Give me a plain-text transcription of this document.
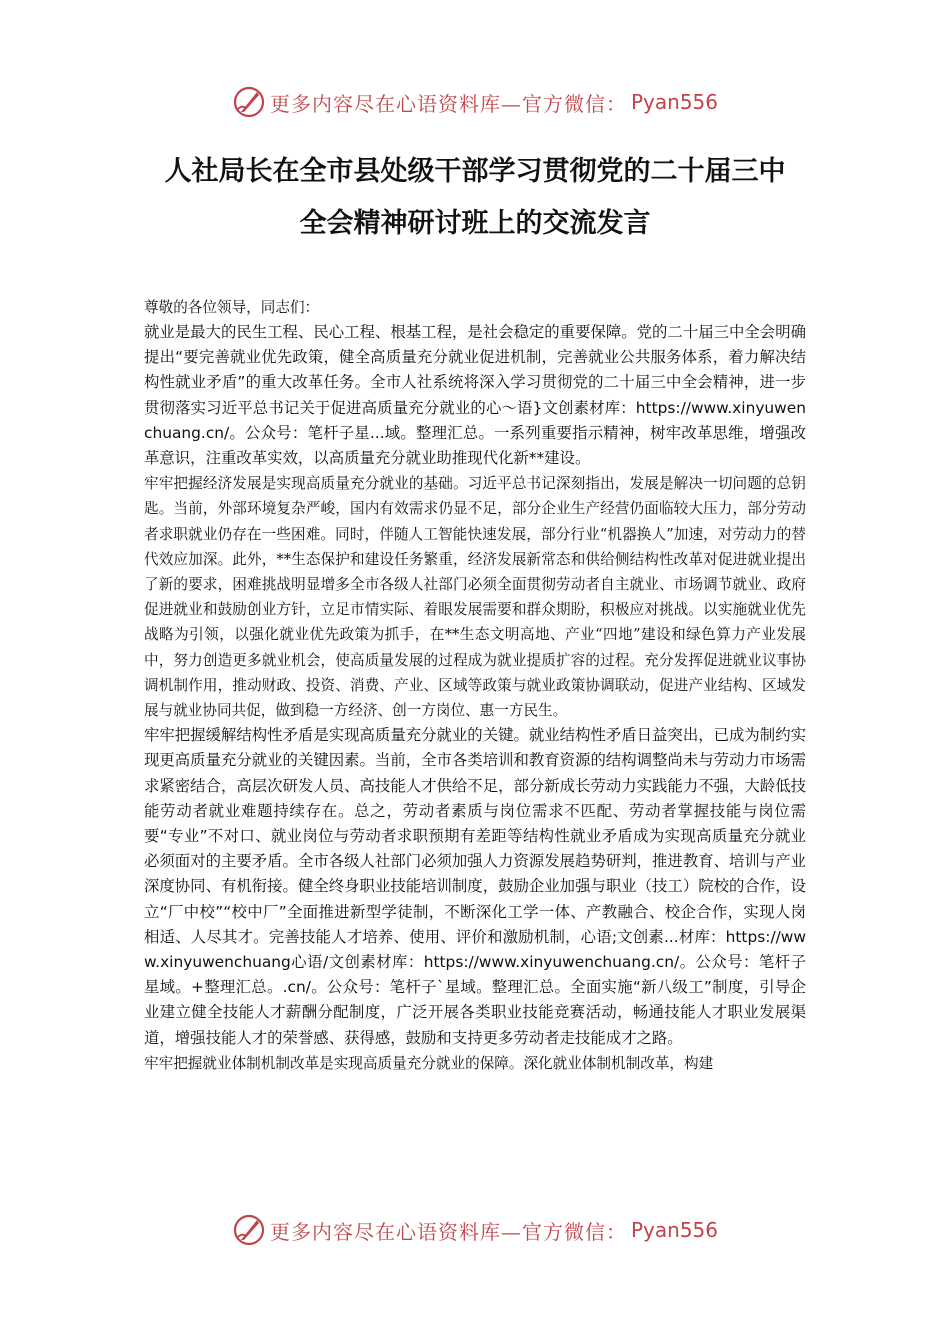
更多内容尽在心语资料库—官方微信： Pyan556
人社局长在全市县处级干部学习贯彻党的二十届三中
全会精神研讨班上的交流发言

尊敬的各位领导，同志们：

就业是最大的民生工程、民心工程、根基工程，是社会稳定的重要保障。党的二十届三中全会明确提出“要完善就业优先政策，健全高质量充分就业促进机制，完善就业公共服务体系，着力解决结构性就业矛盾”的重大改革任务。全市人社系统将深入学习贯彻党的二十届三中全会精神，进一步贯彻落实习近平总书记关于促进高质量充分就业的心～语}文创素材库：https://www.xinyuwenchuang.cn/。公众号：笔杆子星...域。整理汇总。一系列重要指示精神，树牢改革思维，增强改革意识，注重改革实效，以高质量充分就业助推现代化新**建设。

牢牢把握经济发展是实现高质量充分就业的基础。习近平总书记深刻指出，发展是解决一切问题的总钥匙。当前，外部环境复杂严峻，国内有效需求仍显不足，部分企业生产经营仍面临较大压力，部分劳动者求职就业仍存在一些困难。同时，伴随人工智能快速发展，部分行业“机器换人”加速，对劳动力的替代效应加深。此外，**生态保护和建设任务繁重，经济发展新常态和供给侧结构性改革对促进就业提出了新的要求，困难挑战明显增多全市各级人社部门必须全面贯彻劳动者自主就业、市场调节就业、政府促进就业和鼓励创业方针，立足市情实际、着眼发展需要和群众期盼，积极应对挑战。以实施就业优先战略为引领，以强化就业优先政策为抓手，在**生态文明高地、产业“四地”建设和绿色算力产业发展中，努力创造更多就业机会，使高质量发展的过程成为就业提质扩容的过程。充分发挥促进就业议事协调机制作用，推动财政、投资、消费、产业、区域等政策与就业政策协调联动，促进产业结构、区域发展与就业协同共促，做到稳一方经济、创一方岗位、惠一方民生。

牢牢把握缓解结构性矛盾是实现高质量充分就业的关键。就业结构性矛盾日益突出，已成为制约实现更高质量充分就业的关键因素。当前，全市各类培训和教育资源的结构调整尚未与劳动力市场需求紧密结合，高层次研发人员、高技能人才供给不足，部分新成长劳动力实践能力不强，大龄低技能劳动者就业难题持续存在。总之，劳动者素质与岗位需求不匹配、劳动者掌握技能与岗位需要“专业”不对口、就业岗位与劳动者求职预期有差距等结构性就业矛盾成为实现高质量充分就业必须面对的主要矛盾。全市各级人社部门必须加强人力资源发展趋势研判，推进教育、培训与产业深度协同、有机衔接。健全终身职业技能培训制度，鼓励企业加强与职业（技工）院校的合作，设立“厂中校”“校中厂”全面推进新型学徒制，不断深化工学一体、产教融合、校企合作，实现人岗相适、人尽其才。完善技能人才培养、使用、评价和激励机制，心语;文创素...材库：https://www.xinyuwenchuang心语/文创素材库：https://www.xinyuwenchuang.cn/。公众号：笔杆子星域。+整理汇总。.cn/。公众号：笔杆子`星域。整理汇总。全面实施“新八级工”制度，引导企业建立健全技能人才薪酬分配制度，广泛开展各类职业技能竞赛活动，畅通技能人才职业发展渠道，增强技能人才的荣誉感、获得感，鼓励和支持更多劳动者走技能成才之路。

牢牢把握就业体制机制改革是实现高质量充分就业的保障。深化就业体制机制改革，构建

更多内容尽在心语资料库—官方微信： Pyan556
